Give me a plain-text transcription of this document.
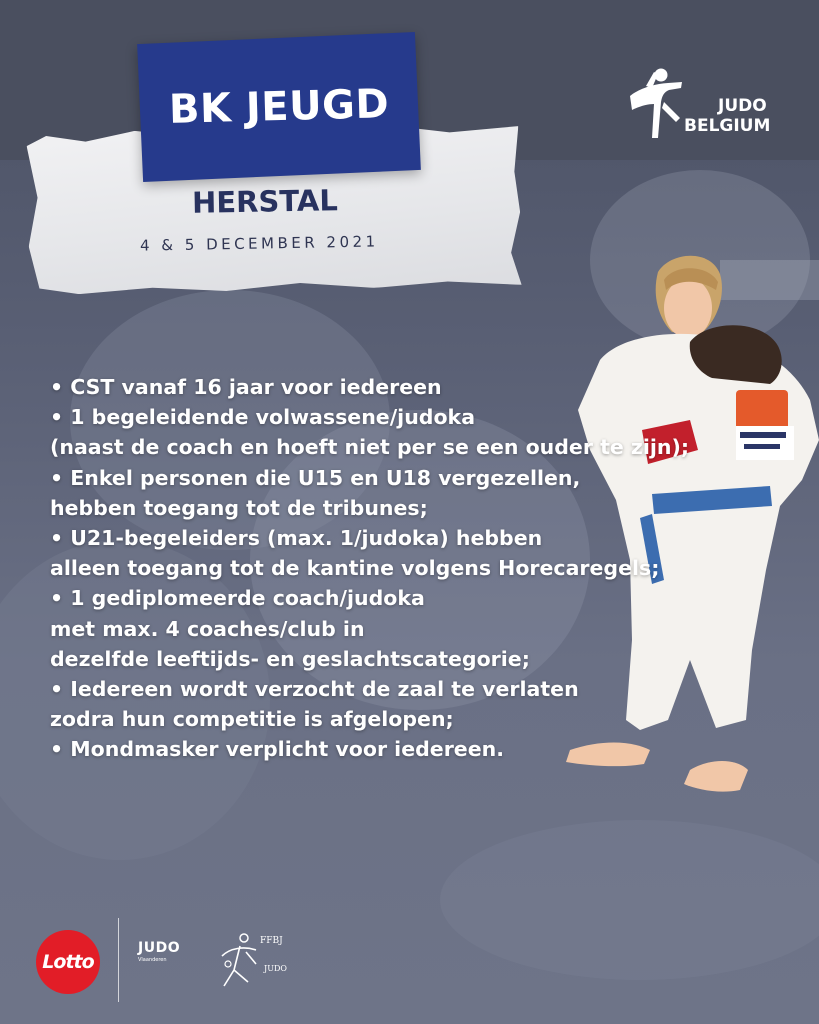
BK JEUGD
HERSTAL
4 & 5 DECEMBER 2021
JUDO
BELGIUM
• CST vanaf 16 jaar voor iedereen
• 1 begeleidende volwassene/judoka
(naast de coach en hoeft niet per se een ouder te zijn);
• Enkel personen die U15 en U18 vergezellen,
hebben toegang tot de tribunes;
• U21-begeleiders (max. 1/judoka) hebben
alleen toegang tot de kantine volgens Horecaregels;
• 1 gediplomeerde coach/judoka
met max. 4 coaches/club in
dezelfde leeftijds- en geslachtscategorie;
• Iedereen wordt verzocht de zaal te verlaten
zodra hun competitie is afgelopen;
• Mondmasker verplicht voor iedereen.
Lotto
JUDO
Vlaanderen
FFBJ
JUDO
